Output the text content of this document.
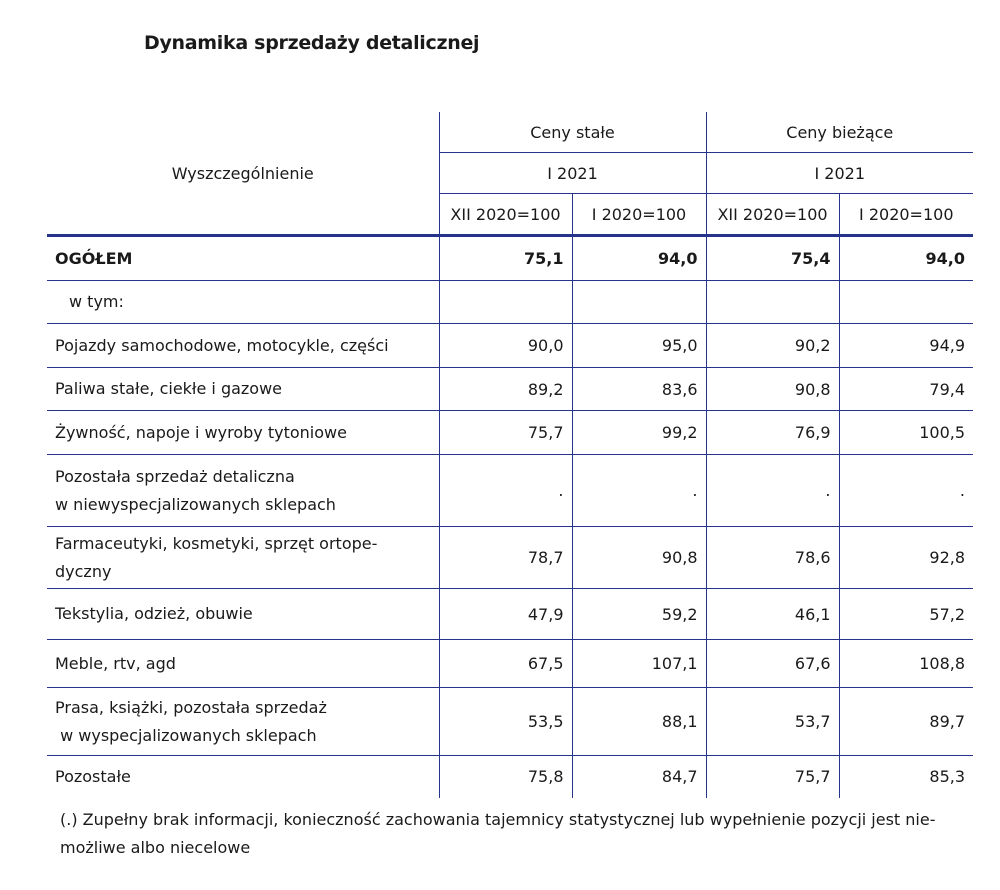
Dynamika sprzedaży detalicznej
Wyszczególnienie	Ceny stałe		Ceny bieżące	
	I 2021		I 2021	
	XII 2020=100	I 2020=100	XII 2020=100	I 2020=100
OGÓŁEM	75,1	94,0	75,4	94,0
w tym:				
Pojazdy samochodowe, motocykle, części	90,0	95,0	90,2	94,9
Paliwa stałe, ciekłe i gazowe	89,2	83,6	90,8	79,4
Żywność, napoje i wyroby tytoniowe	75,7	99,2	76,9	100,5

Pozostała sprzedaż detaliczna
w niewyspecjalizowanych sklepach	.	.	.	.

Farmaceutyki, kosmetyki, sprzęt ortope-
dyczny	78,7	90,8	78,6	92,8
Tekstylia, odzież, obuwie	47,9	59,2	46,1	57,2
Meble, rtv, agd	67,5	107,1	67,6	108,8

Prasa, książki, pozostała sprzedaż
w wyspecjalizowanych sklepach	53,5	88,1	53,7	89,7
Pozostałe	75,8	84,7	75,7	85,3
(.) Zupełny brak informacji, konieczność zachowania tajemnicy statystycznej lub wypełnienie pozycji jest nie-
możliwe albo niecelowe
